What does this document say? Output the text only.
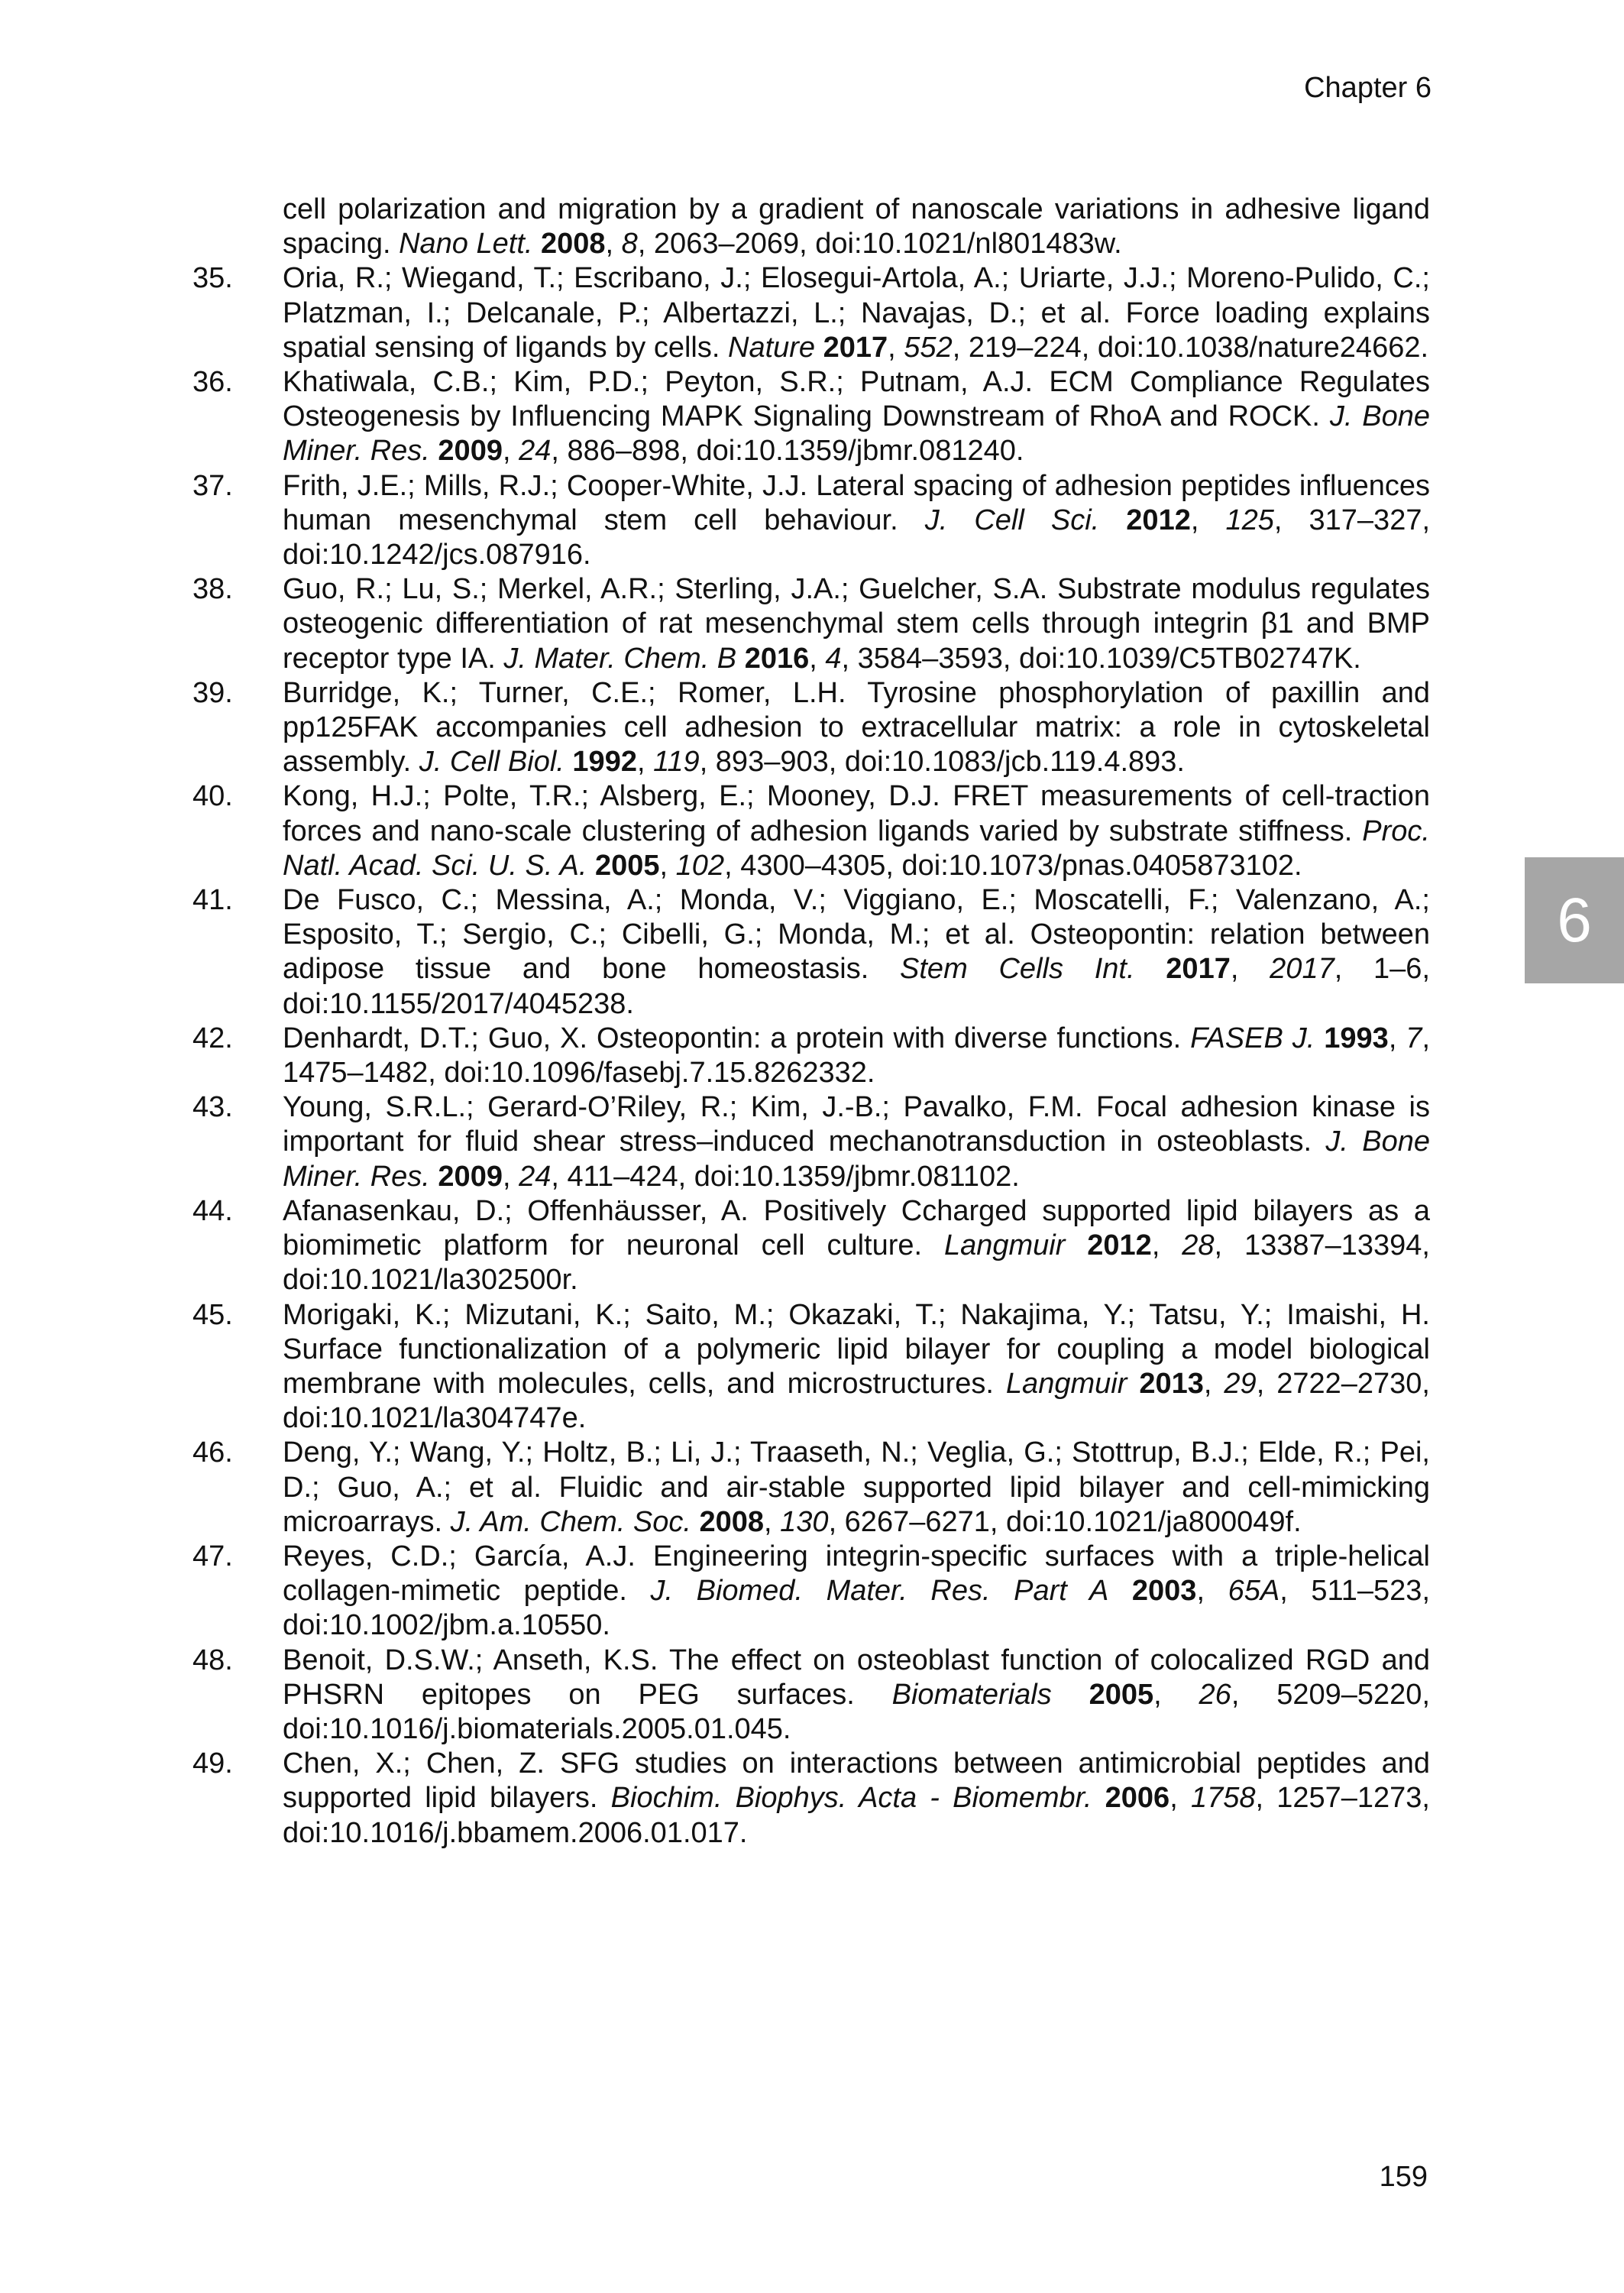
Chapter 6
6
cell polarization and migration by a gradient of nanoscale variations in adhesive ligand spacing. Nano Lett. 2008, 8, 2063–2069, doi:10.1021/nl801483w.
35.	Oria, R.; Wiegand, T.; Escribano, J.; Elosegui-Artola, A.; Uriarte, J.J.; Moreno-Pulido, C.; Platzman, I.; Delcanale, P.; Albertazzi, L.; Navajas, D.; et al. Force loading explains spatial sensing of ligands by cells. Nature 2017, 552, 219–224, doi:10.1038/nature24662.
36.	Khatiwala, C.B.; Kim, P.D.; Peyton, S.R.; Putnam, A.J. ECM Compliance Regulates Osteogenesis by Influencing MAPK Signaling Downstream of RhoA and ROCK. J. Bone Miner. Res. 2009, 24, 886–898, doi:10.1359/jbmr.081240.
37.	Frith, J.E.; Mills, R.J.; Cooper-White, J.J. Lateral spacing of adhesion peptides influences human mesenchymal stem cell behaviour. J. Cell Sci. 2012, 125, 317–327, doi:10.1242/jcs.087916.
38.	Guo, R.; Lu, S.; Merkel, A.R.; Sterling, J.A.; Guelcher, S.A. Substrate modulus regulates osteogenic differentiation of rat mesenchymal stem cells through integrin β1 and BMP receptor type IA. J. Mater. Chem. B 2016, 4, 3584–3593, doi:10.1039/C5TB02747K.
39.	Burridge, K.; Turner, C.E.; Romer, L.H. Tyrosine phosphorylation of paxillin and pp125FAK accompanies cell adhesion to extracellular matrix: a role in cytoskeletal assembly. J. Cell Biol. 1992, 119, 893–903, doi:10.1083/jcb.119.4.893.
40.	Kong, H.J.; Polte, T.R.; Alsberg, E.; Mooney, D.J. FRET measurements of cell-traction forces and nano-scale clustering of adhesion ligands varied by substrate stiffness. Proc. Natl. Acad. Sci. U. S. A. 2005, 102, 4300–4305, doi:10.1073/pnas.0405873102.
41.	De Fusco, C.; Messina, A.; Monda, V.; Viggiano, E.; Moscatelli, F.; Valenzano, A.; Esposito, T.; Sergio, C.; Cibelli, G.; Monda, M.; et al. Osteopontin: relation between adipose tissue and bone homeostasis. Stem Cells Int. 2017, 2017, 1–6, doi:10.1155/2017/4045238.
42.	Denhardt, D.T.; Guo, X. Osteopontin: a protein with diverse functions. FASEB J. 1993, 7, 1475–1482, doi:10.1096/fasebj.7.15.8262332.
43.	Young, S.R.L.; Gerard-O’Riley, R.; Kim, J.-B.; Pavalko, F.M. Focal adhesion kinase is important for fluid shear stress–induced mechanotransduction in osteoblasts. J. Bone Miner. Res. 2009, 24, 411–424, doi:10.1359/jbmr.081102.
44.	Afanasenkau, D.; Offenhäusser, A. Positively Ccharged supported lipid bilayers as a biomimetic platform for neuronal cell culture. Langmuir 2012, 28, 13387–13394, doi:10.1021/la302500r.
45.	Morigaki, K.; Mizutani, K.; Saito, M.; Okazaki, T.; Nakajima, Y.; Tatsu, Y.; Imaishi, H. Surface functionalization of a polymeric lipid bilayer for coupling a model biological membrane with molecules, cells, and microstructures. Langmuir 2013, 29, 2722–2730, doi:10.1021/la304747e.
46.	Deng, Y.; Wang, Y.; Holtz, B.; Li, J.; Traaseth, N.; Veglia, G.; Stottrup, B.J.; Elde, R.; Pei, D.; Guo, A.; et al. Fluidic and air-stable supported lipid bilayer and cell-mimicking microarrays. J. Am. Chem. Soc. 2008, 130, 6267–6271, doi:10.1021/ja800049f.
47.	Reyes, C.D.; García, A.J. Engineering integrin-specific surfaces with a triple-helical collagen-mimetic peptide. J. Biomed. Mater. Res. Part A 2003, 65A, 511–523, doi:10.1002/jbm.a.10550.
48.	Benoit, D.S.W.; Anseth, K.S. The effect on osteoblast function of colocalized RGD and PHSRN epitopes on PEG surfaces. Biomaterials 2005, 26, 5209–5220, doi:10.1016/j.biomaterials.2005.01.045.
49.	Chen, X.; Chen, Z. SFG studies on interactions between antimicrobial peptides and supported lipid bilayers. Biochim. Biophys. Acta - Biomembr. 2006, 1758, 1257–1273, doi:10.1016/j.bbamem.2006.01.017.
159
